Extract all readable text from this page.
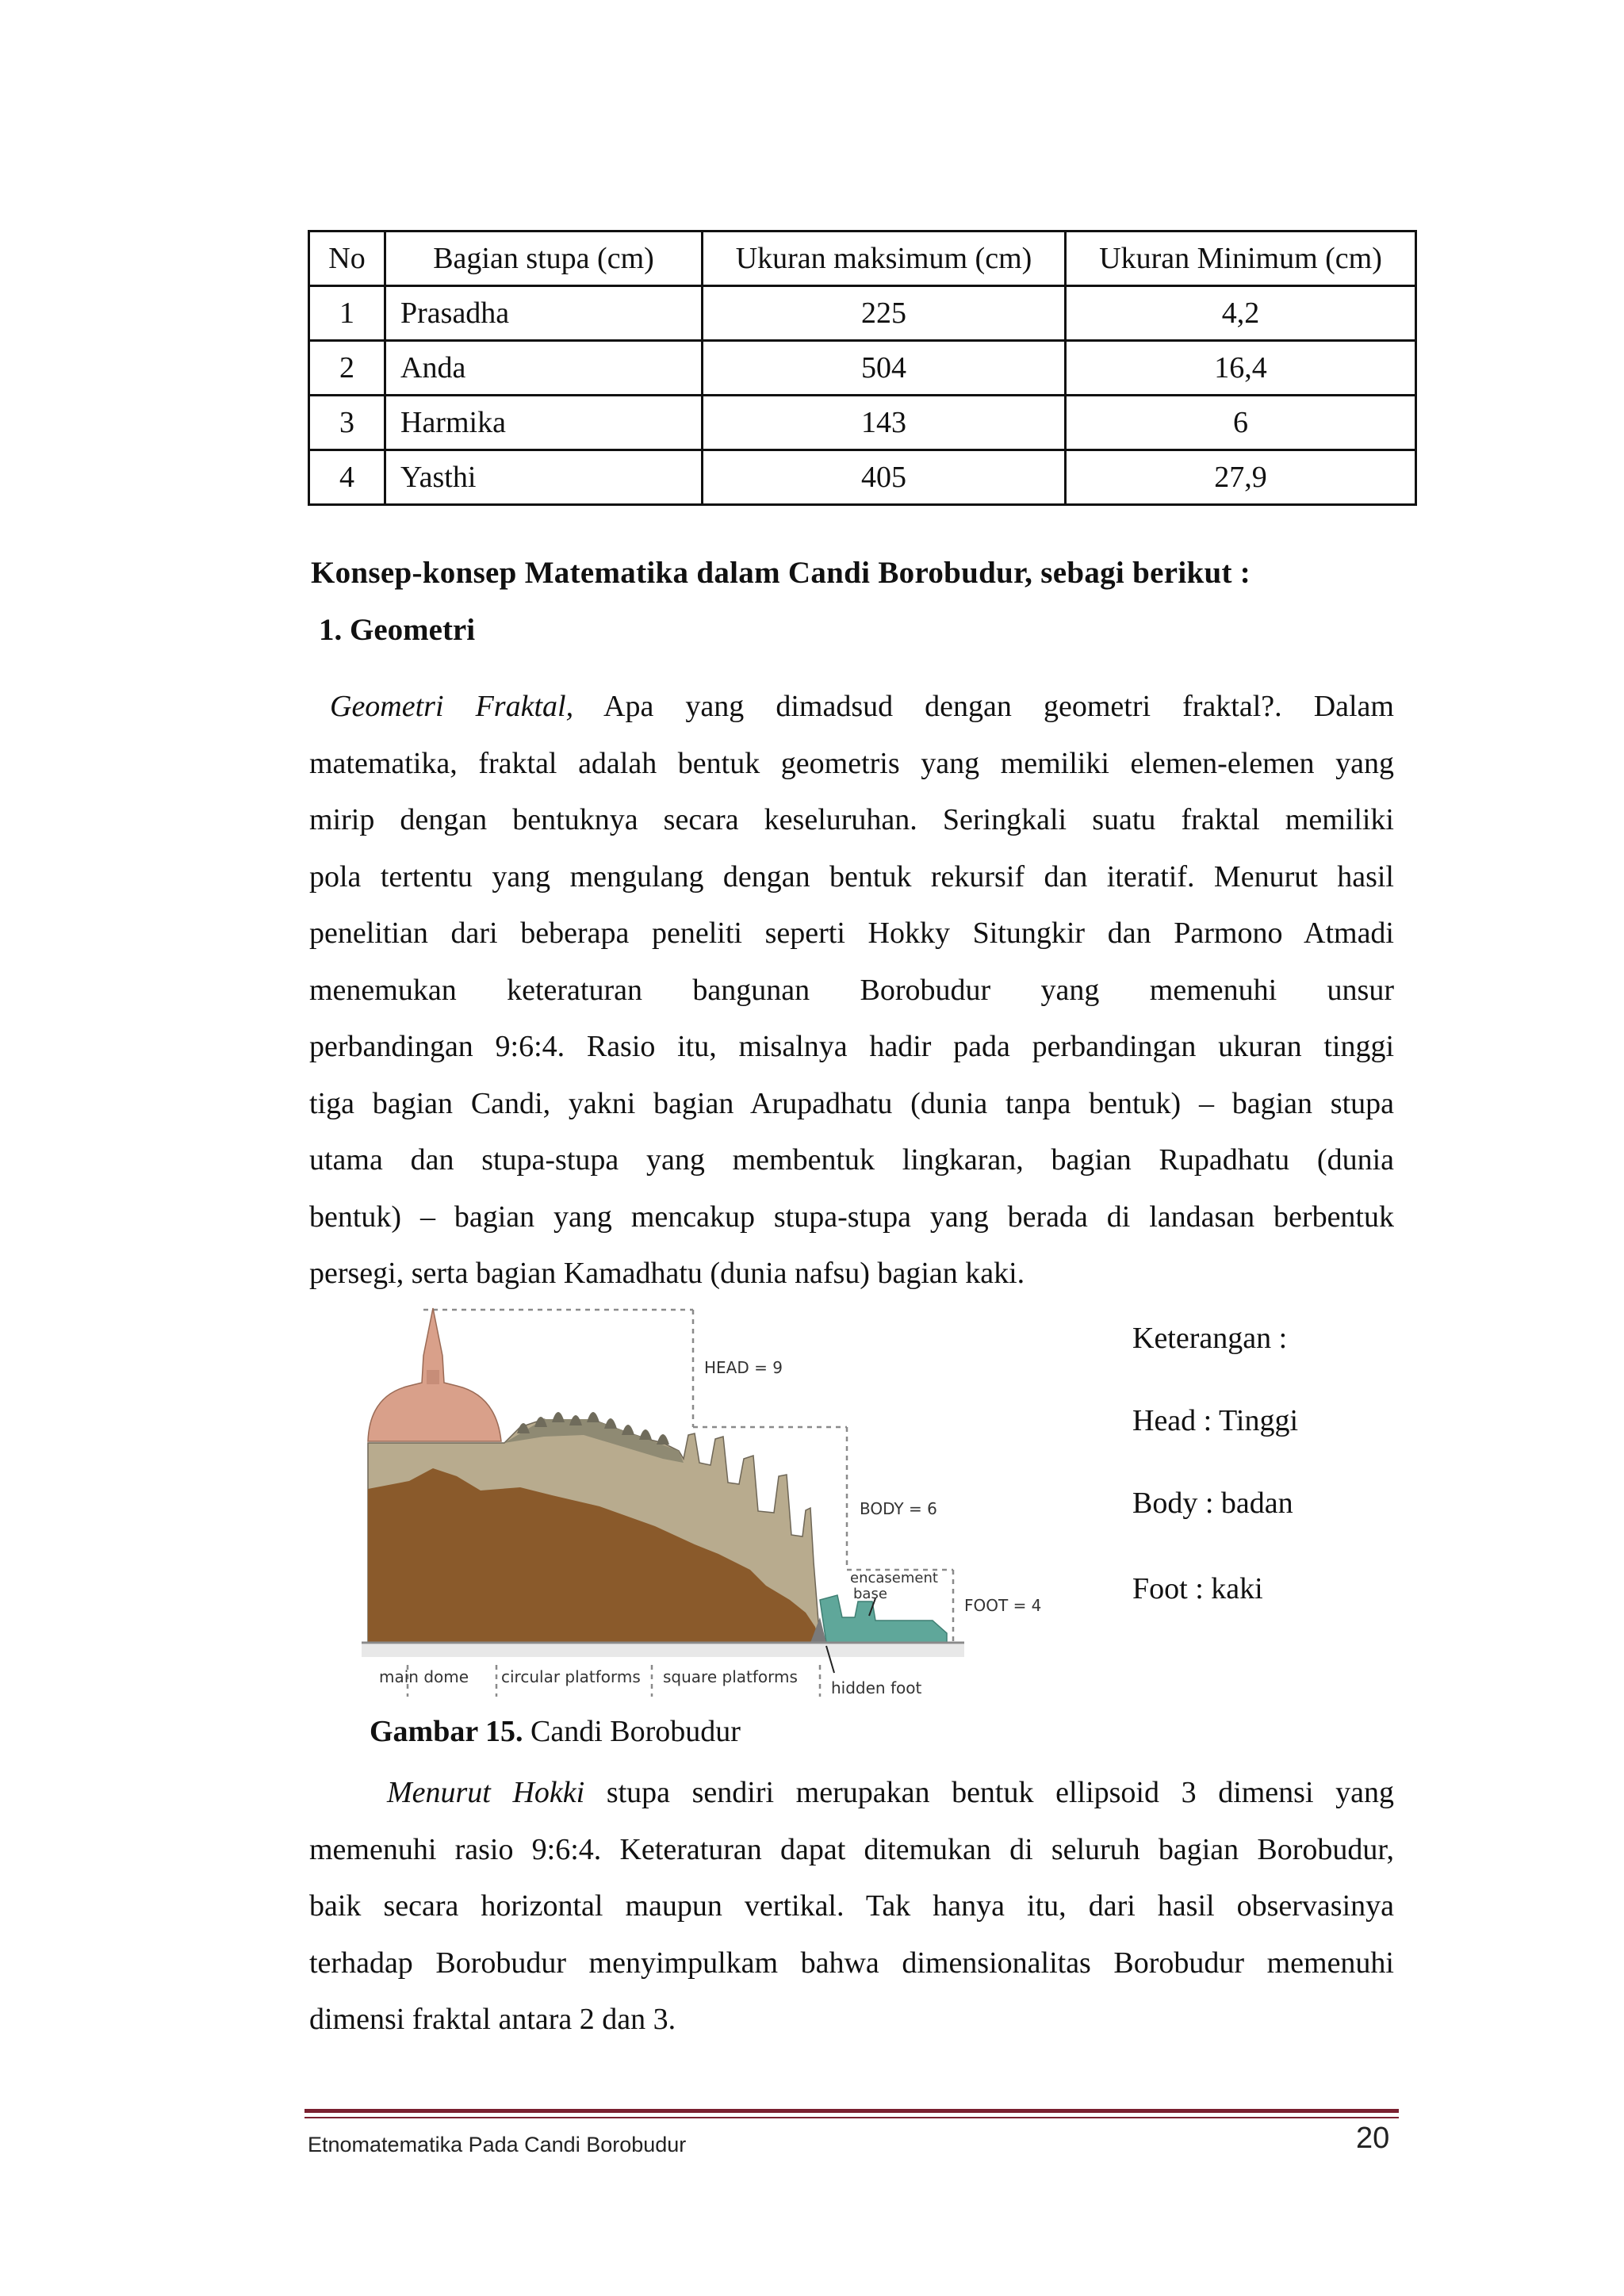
No	Bagian stupa (cm)	Ukuran maksimum (cm)	Ukuran Minimum (cm)
1	Prasadha	225	4,2
2	Anda	504	16,4
3	Harmika	143	6
4	Yasthi	405	27,9
Konsep-konsep Matematika dalam Candi Borobudur, sebagi berikut :
1. Geometri
Geometri Fraktal, Apa yang dimadsud dengan geometri fraktal?. Dalam
matematika, fraktal adalah bentuk geometris yang memiliki elemen-elemen yang
mirip dengan bentuknya secara keseluruhan. Seringkali suatu fraktal memiliki
pola tertentu yang mengulang dengan bentuk rekursif dan iteratif. Menurut hasil
penelitian dari beberapa peneliti seperti Hokky Situngkir dan Parmono Atmadi
menemukan keteraturan bangunan Borobudur yang memenuhi unsur
perbandingan 9:6:4. Rasio itu, misalnya hadir pada perbandingan ukuran tinggi
tiga bagian Candi, yakni bagian Arupadhatu (dunia tanpa bentuk) – bagian stupa
utama dan stupa-stupa yang membentuk lingkaran, bagian Rupadhatu (dunia
bentuk) – bagian yang mencakup stupa-stupa yang berada di landasan berbentuk
persegi, serta bagian Kamadhatu (dunia nafsu) bagian kaki.
HEAD = 9
BODY = 6
FOOT = 4
encasement
base
main dome circular platforms square platforms
hidden foot
Keterangan :
Head : Tinggi
Body : badan
Foot : kaki
Gambar 15. Candi Borobudur
Menurut Hokki stupa sendiri merupakan bentuk ellipsoid 3 dimensi yang
memenuhi rasio 9:6:4. Keteraturan dapat ditemukan di seluruh bagian Borobudur,
baik secara horizontal maupun vertikal. Tak hanya itu, dari hasil observasinya
terhadap Borobudur menyimpulkam bahwa dimensionalitas Borobudur memenuhi
dimensi fraktal antara 2 dan 3.
Etnomatematika Pada Candi Borobudur	20
